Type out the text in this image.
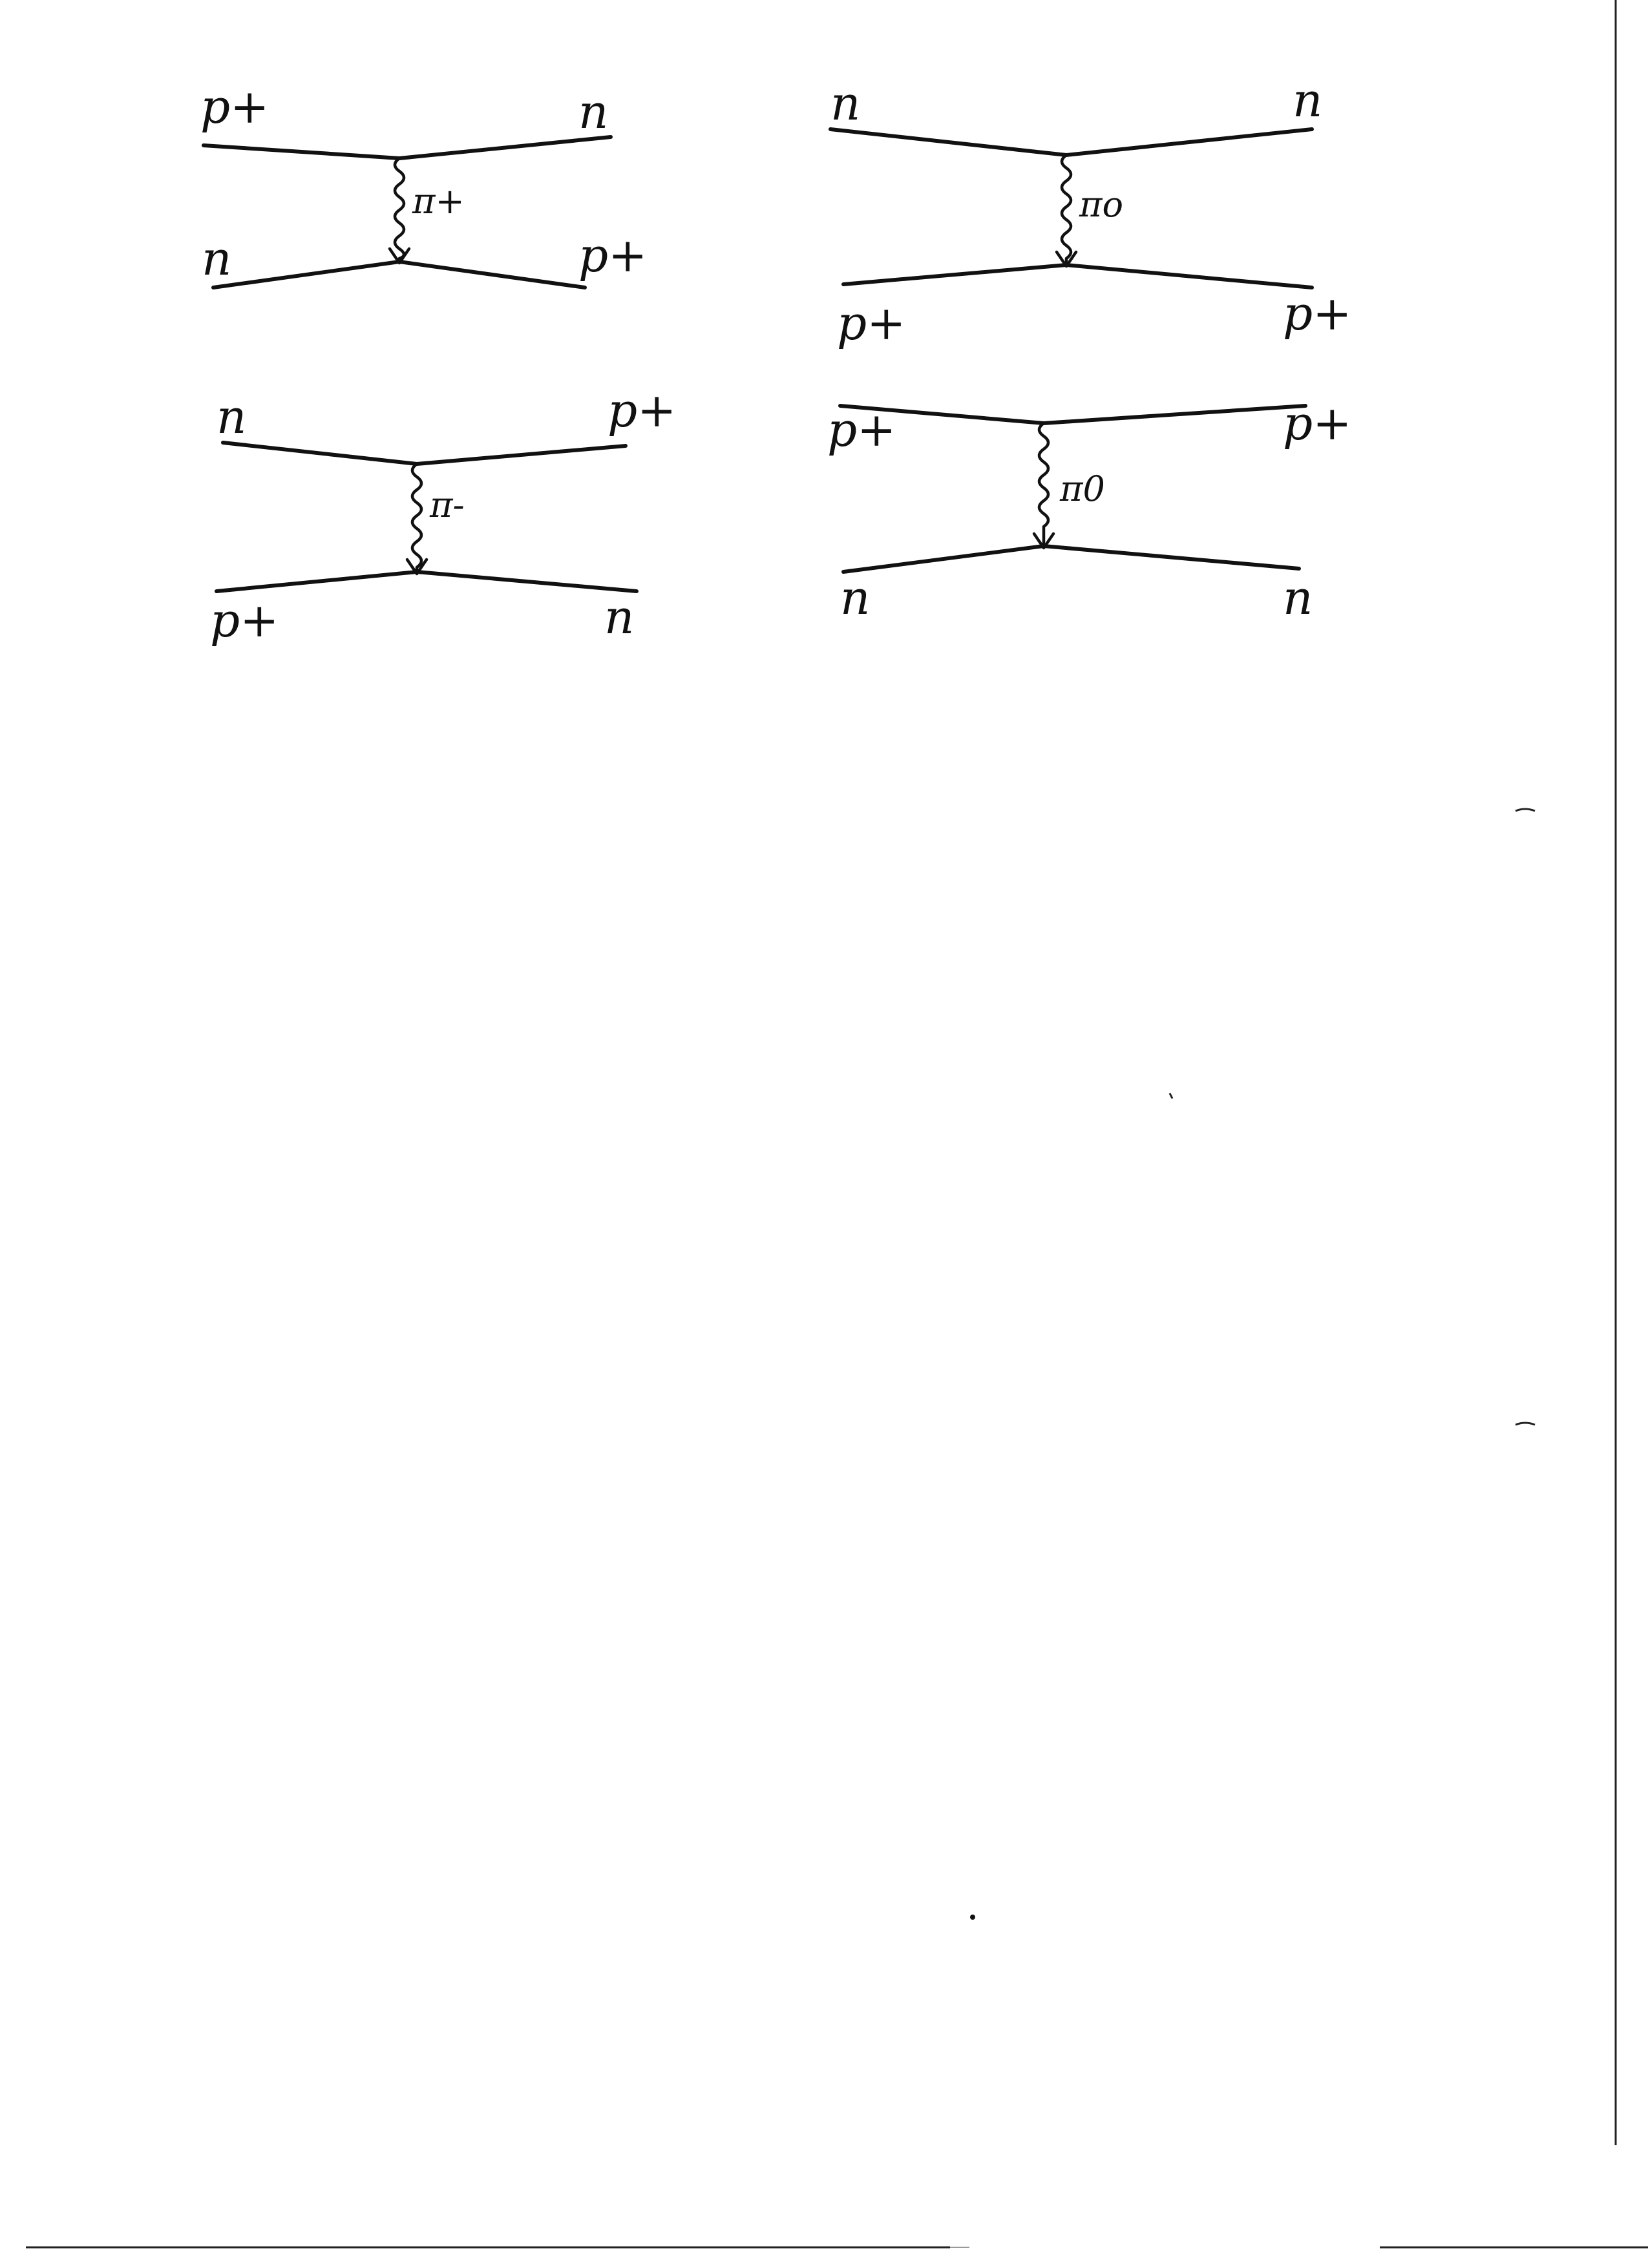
p+	n
n	p+
π+
n	n
p+	p+
πo
n	p+
p+	n
π-
p+	p+
n	n
π0
